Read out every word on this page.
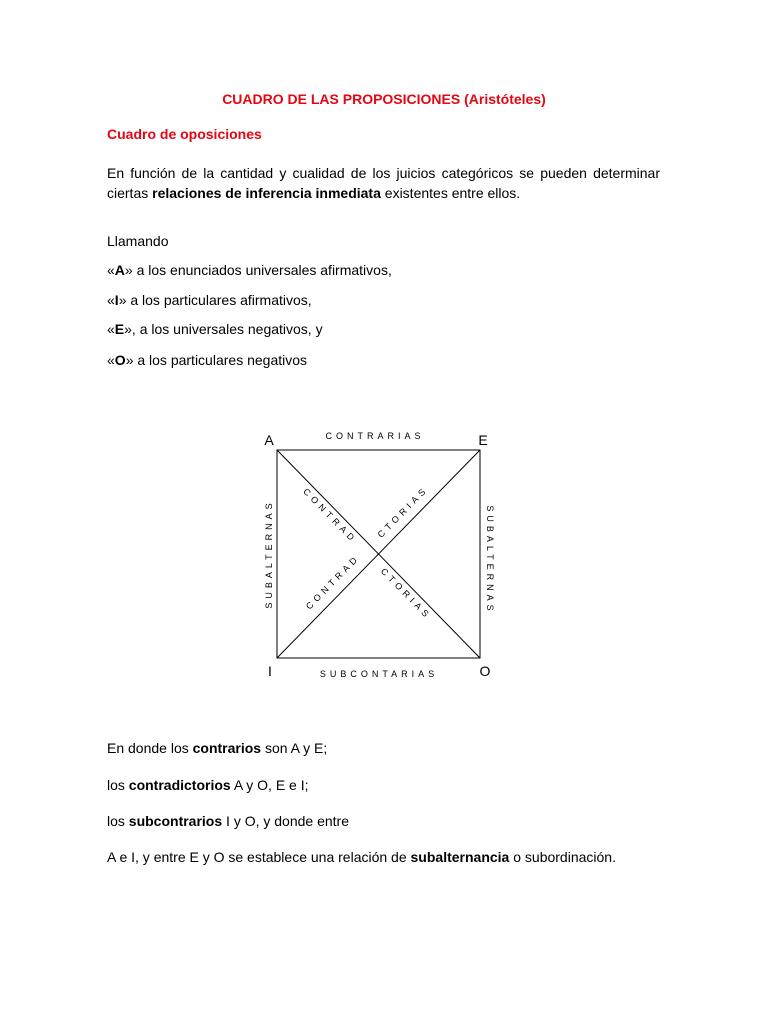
CUADRO DE LAS PROPOSICIONES (Aristóteles)
Cuadro de oposiciones
En función de la cantidad y cualidad de los juicios categóricos se pueden determinar ciertas relaciones de inferencia inmediata existentes entre ellos.
Llamando
«A» a los enunciados universales afirmativos,
«I» a los particulares afirmativos,
«E», a los universales negativos, y
«O» a los particulares negativos
A	E
I	O
CONTRARIAS
SUBCONTARIAS
SUBALTERNAS	SUBALTERNAS
CONTRAD
CTORIAS
CONTRAD
CTORIAS
En donde los contrarios son A y E;
los contradictorios A y O, E e I;
los subcontrarios I y O, y donde entre
A e I, y entre E y O se establece una relación de subalternancia o subordinación.
